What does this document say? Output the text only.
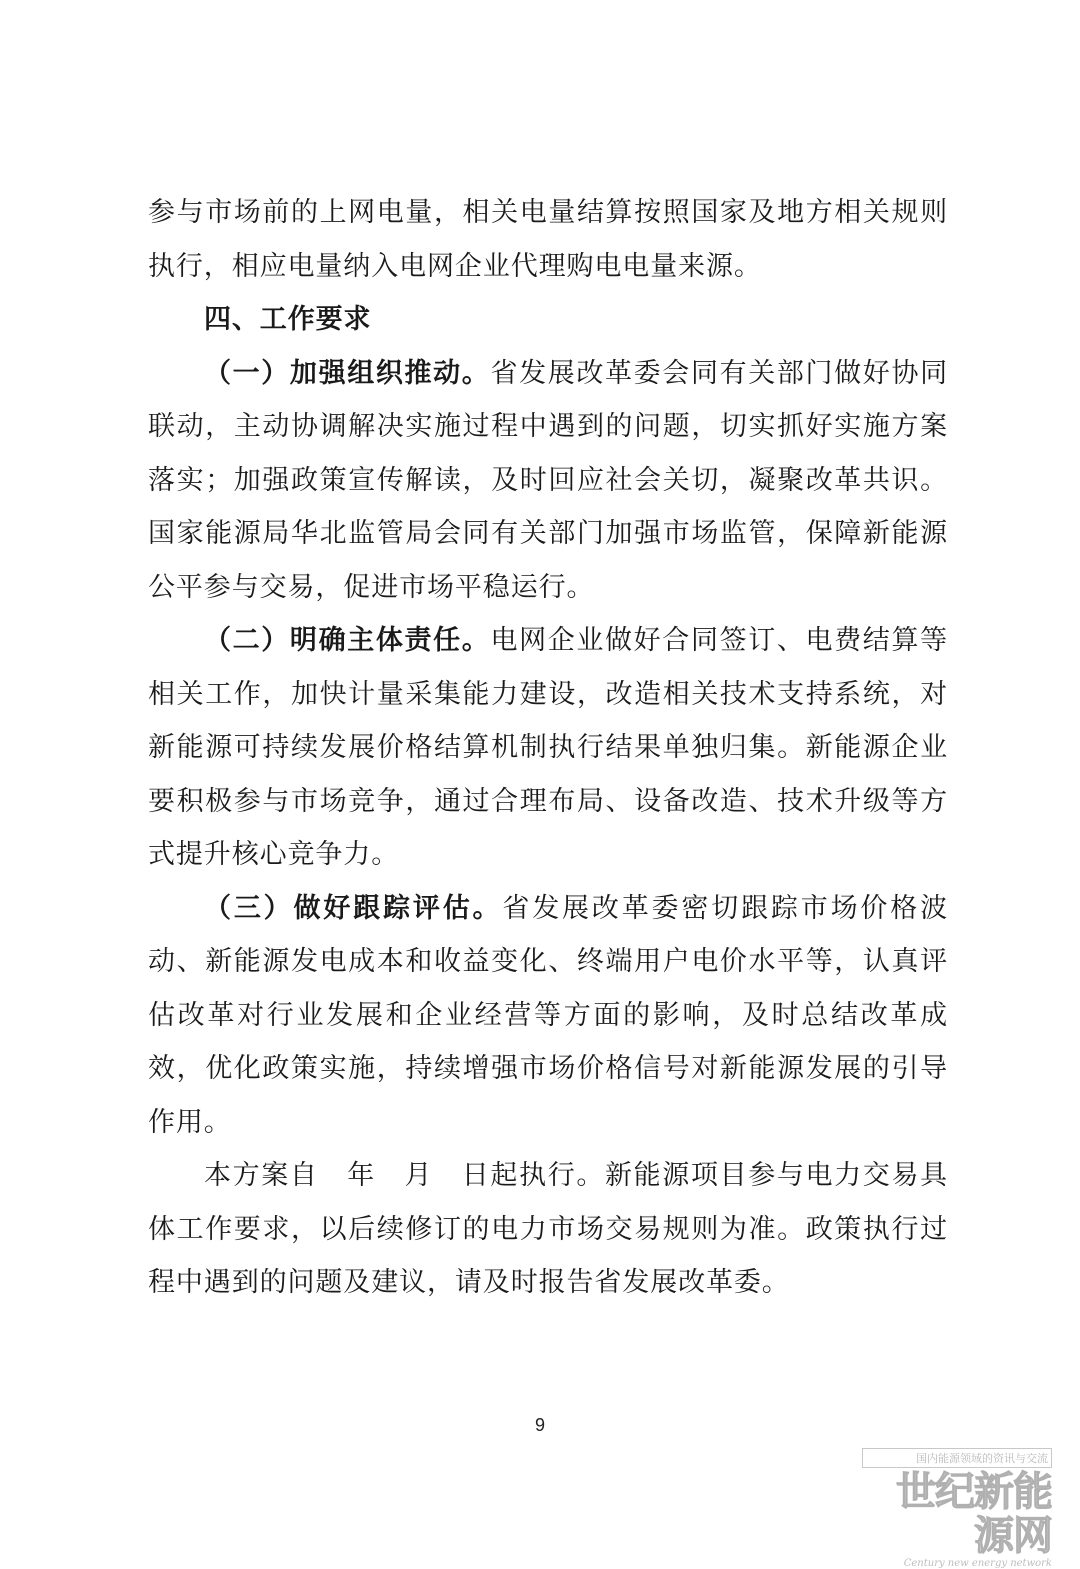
参与市场前的上网电量，相关电量结算按照国家及地方相关规则执行，相应电量纳入电网企业代理购电电量来源。

四、工作要求

（一）加强组织推动。省发展改革委会同有关部门做好协同联动，主动协调解决实施过程中遇到的问题，切实抓好实施方案落实；加强政策宣传解读，及时回应社会关切，凝聚改革共识。国家能源局华北监管局会同有关部门加强市场监管，保障新能源公平参与交易，促进市场平稳运行。

（二）明确主体责任。电网企业做好合同签订、电费结算等相关工作，加快计量采集能力建设，改造相关技术支持系统，对新能源可持续发展价格结算机制执行结果单独归集。新能源企业要积极参与市场竞争，通过合理布局、设备改造、技术升级等方式提升核心竞争力。

（三）做好跟踪评估。省发展改革委密切跟踪市场价格波动、新能源发电成本和收益变化、终端用户电价水平等，认真评估改革对行业发展和企业经营等方面的影响，及时总结改革成效，优化政策实施，持续增强市场价格信号对新能源发展的引导作用。

本方案自　年　月　日起执行。新能源项目参与电力交易具体工作要求，以后续修订的电力市场交易规则为准。政策执行过程中遇到的问题及建议，请及时报告省发展改革委。

9
国内能源领域的资讯与交流
世纪新能源网
Century new energy network
